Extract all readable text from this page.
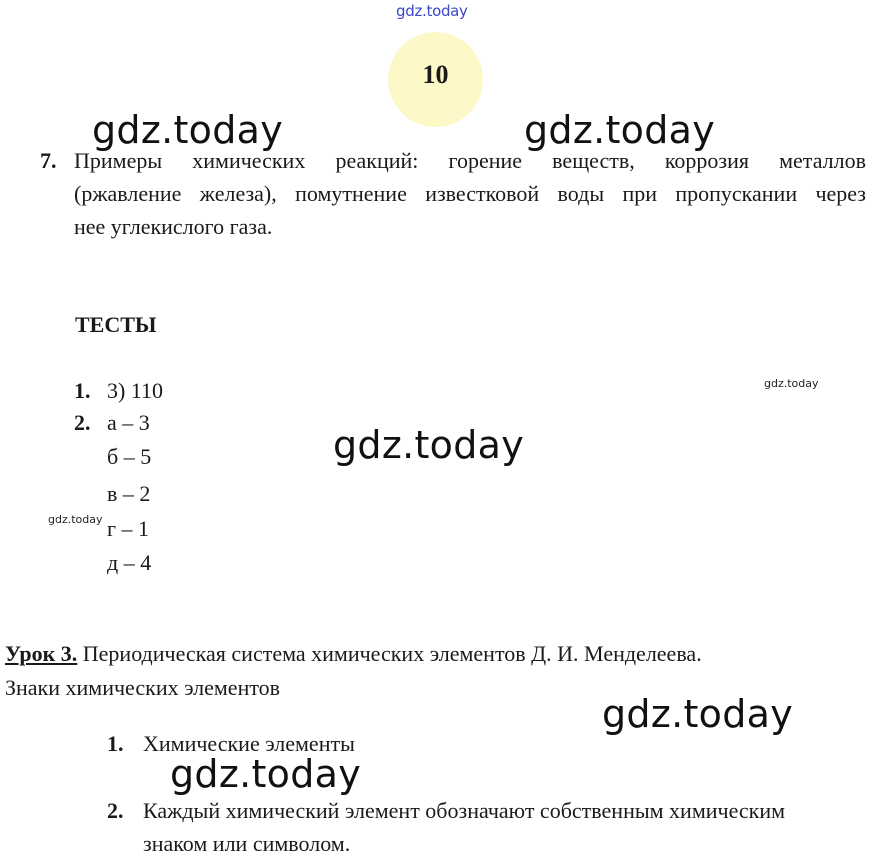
gdz.today
10
gdz.today	gdz.today
gdz.today
gdz.today
gdz.today
gdz.today
gdz.today
7. Примеры химических реакций: горение веществ, коррозия металлов
(ржавление железа), помутнение известковой воды при пропускании через
нее углекислого газа.
ТЕСТЫ
1. 3) 110
2. а – 3
б – 5
в – 2
г – 1
д – 4
Урок 3. Периодическая система химических элементов Д. И. Менделеева.
Знаки химических элементов
1. Химические элементы
2. Каждый химический элемент обозначают собственным химическим
знаком или символом.
